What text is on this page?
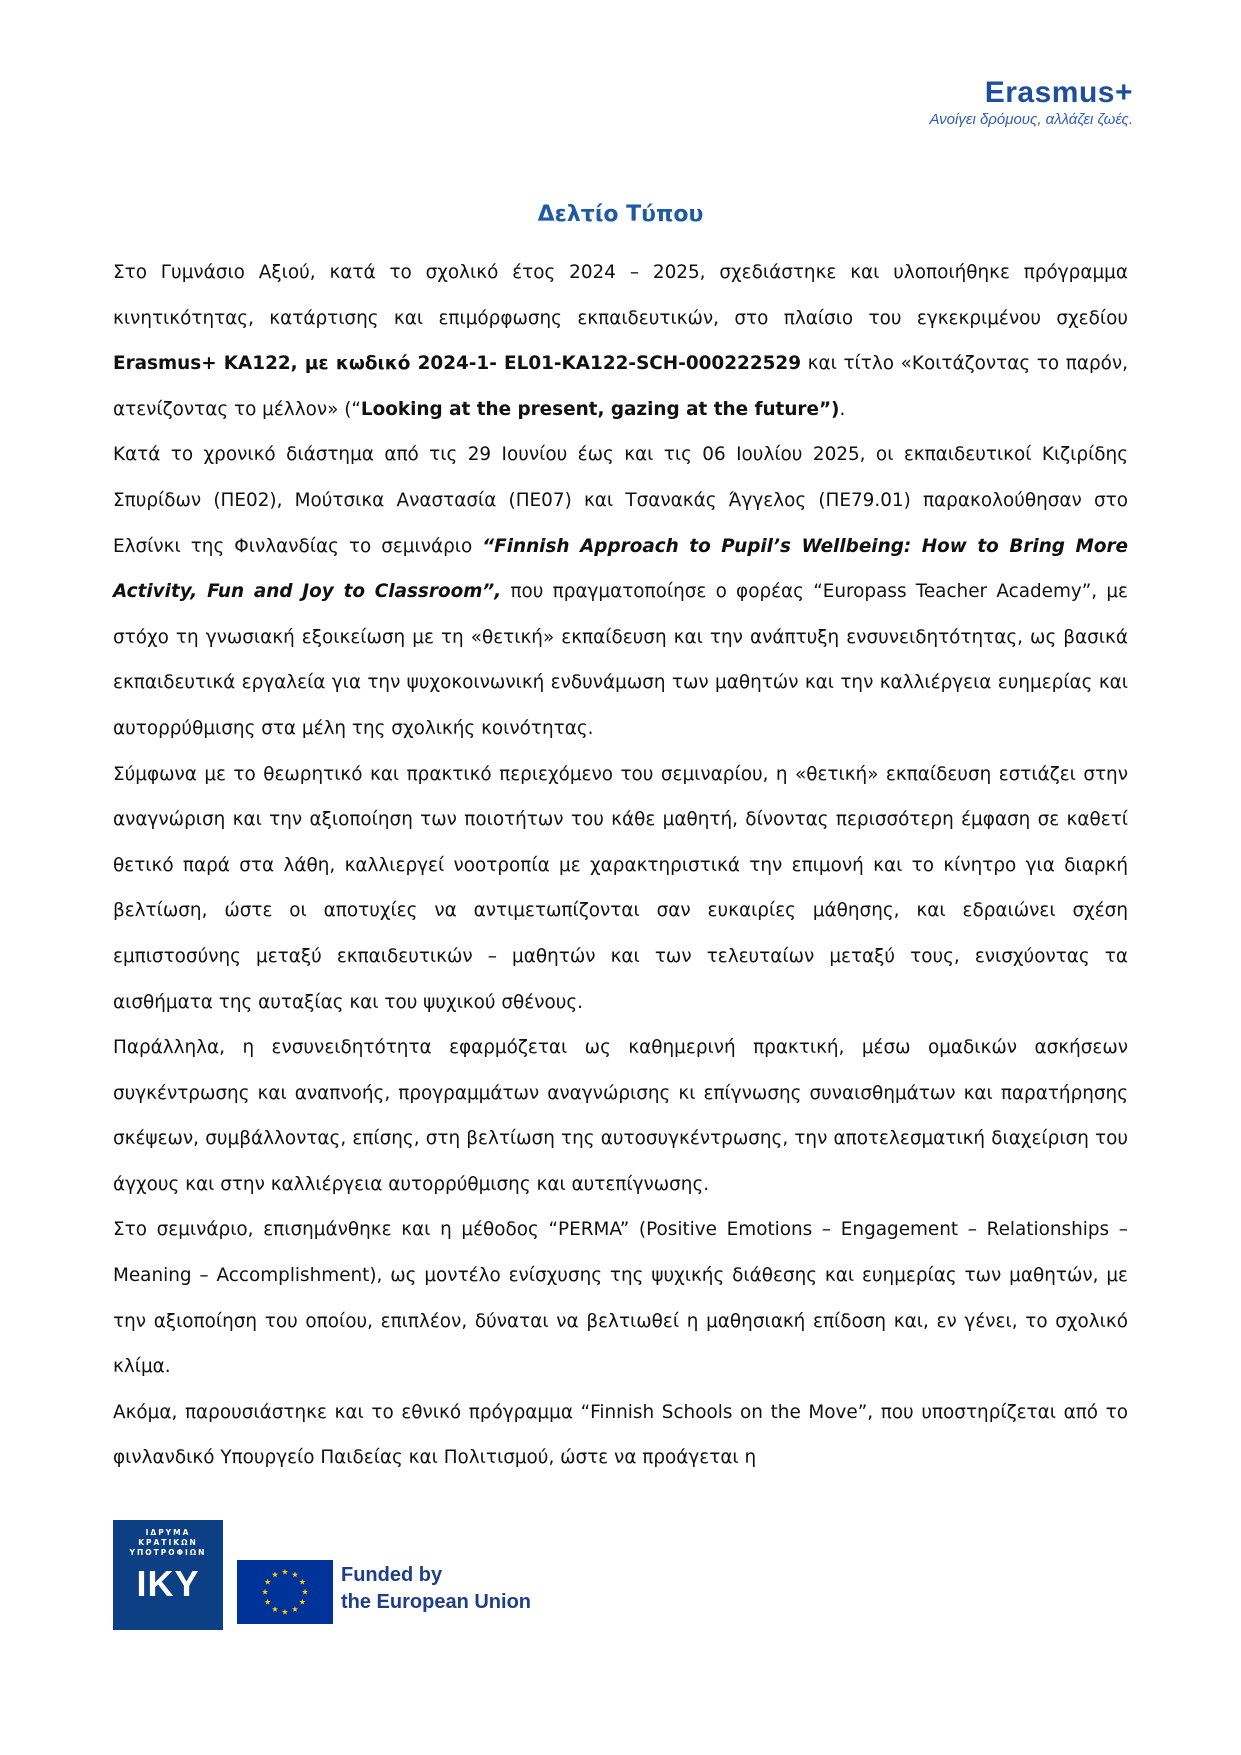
Erasmus+
Ανοίγει δρόμους, αλλάζει ζωές.
Δελτίο Τύπου

Στο Γυμνάσιο Αξιού, κατά το σχολικό έτος 2024 – 2025, σχεδιάστηκε και υλοποιήθηκε πρόγραμμα κινητικότητας, κατάρτισης και επιμόρφωσης εκπαιδευτικών, στο πλαίσιο του εγκεκριμένου σχεδίου Erasmus+ KA122, με κωδικό 2024-1- EL01-KA122-SCH-000222529 και τίτλο «Κοιτάζοντας το παρόν, ατενίζοντας το μέλλον» (“Looking at the present, gazing at the future”).

Κατά το χρονικό διάστημα από τις 29 Ιουνίου έως και τις 06 Ιουλίου 2025, οι εκπαιδευτικοί Κιζιρίδης Σπυρίδων (ΠΕ02), Μούτσικα Αναστασία (ΠΕ07) και Τσανακάς Άγγελος (ΠΕ79.01) παρακολούθησαν στο Ελσίνκι της Φινλανδίας το σεμινάριο “Finnish Approach to Pupil’s Wellbeing: How to Bring More Activity, Fun and Joy to Classroom”, που πραγματοποίησε ο φορέας “Europass Teacher Academy”, με στόχο τη γνωσιακή εξοικείωση με τη «θετική» εκπαίδευση και την ανάπτυξη ενσυνειδητότητας, ως βασικά εκπαιδευτικά εργαλεία για την ψυχοκοινωνική ενδυνάμωση των μαθητών και την καλλιέργεια ευημερίας και αυτορρύθμισης στα μέλη της σχολικής κοινότητας.

Σύμφωνα με το θεωρητικό και πρακτικό περιεχόμενο του σεμιναρίου, η «θετική» εκπαίδευση εστιάζει στην αναγνώριση και την αξιοποίηση των ποιοτήτων του κάθε μαθητή, δίνοντας περισσότερη έμφαση σε καθετί θετικό παρά στα λάθη, καλλιεργεί νοοτροπία με χαρακτηριστικά την επιμονή και το κίνητρο για διαρκή βελτίωση, ώστε οι αποτυχίες να αντιμετωπίζονται σαν ευκαιρίες μάθησης, και εδραιώνει σχέση εμπιστοσύνης μεταξύ εκπαιδευτικών – μαθητών και των τελευταίων μεταξύ τους, ενισχύοντας τα αισθήματα της αυταξίας και του ψυχικού σθένους.

Παράλληλα, η ενσυνειδητότητα εφαρμόζεται ως καθημερινή πρακτική, μέσω ομαδικών ασκήσεων συγκέντρωσης και αναπνοής, προγραμμάτων αναγνώρισης κι επίγνωσης συναισθημάτων και παρατήρησης σκέψεων, συμβάλλοντας, επίσης, στη βελτίωση της αυτοσυγκέντρωσης, την αποτελεσματική διαχείριση του άγχους και στην καλλιέργεια αυτορρύθμισης και αυτεπίγνωσης.

Στο σεμινάριο, επισημάνθηκε και η μέθοδος “PERMA” (Positive Emotions – Engagement – Relationships – Meaning – Accomplishment), ως μοντέλο ενίσχυσης της ψυχικής διάθεσης και ευημερίας των μαθητών, με την αξιοποίηση του οποίου, επιπλέον, δύναται να βελτιωθεί η μαθησιακή επίδοση και, εν γένει, το σχολικό κλίμα.

Ακόμα, παρουσιάστηκε και το εθνικό πρόγραμμα “Finnish Schools on the Move”, που υποστηρίζεται από το φινλανδικό Υπουργείο Παιδείας και Πολιτισμού, ώστε να προάγεται η

ΙΔΡΥΜΑ
ΚΡΑΤΙΚΩΝ
ΥΠΟΤΡΟΦΙΩΝ
IKY	Funded by
the European Union
